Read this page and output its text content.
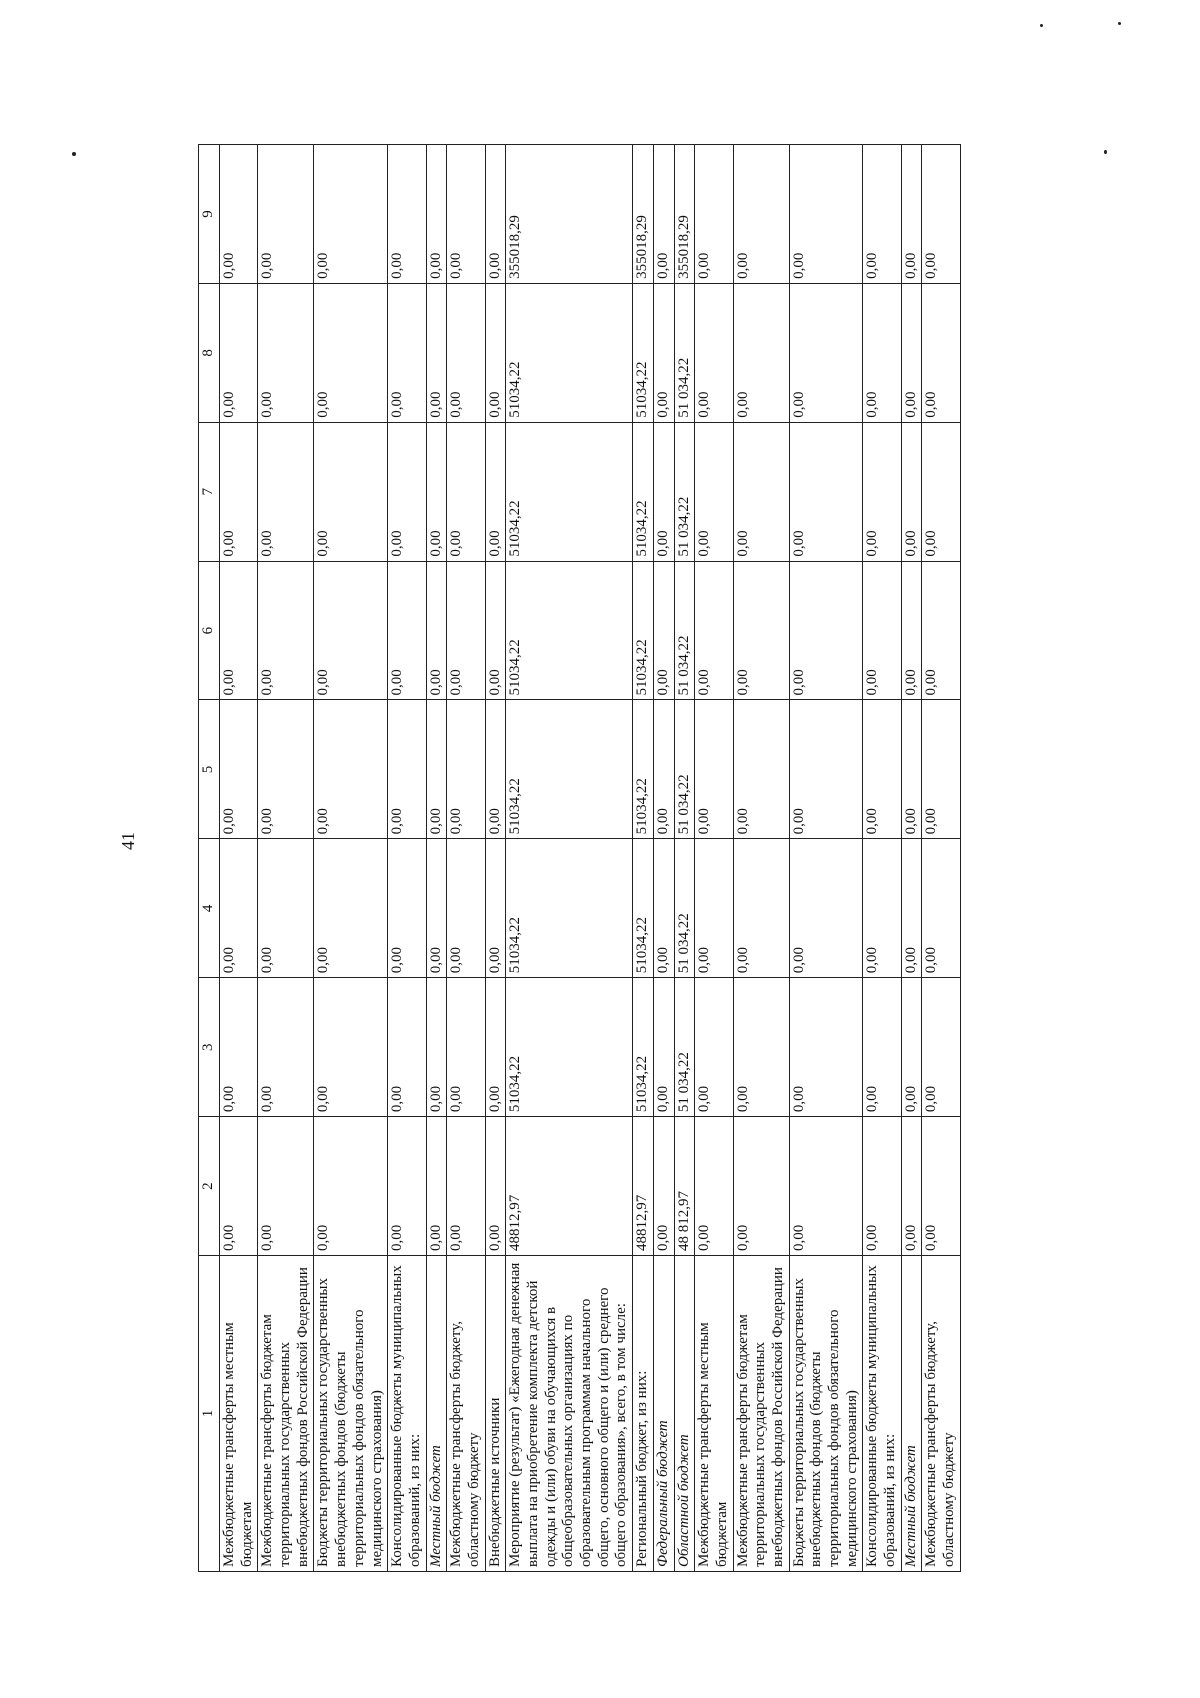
41
1	2	3	4	5	6	7	8	9
Межбюджетные трансферты местным бюджетам	0,00	0,00	0,00	0,00	0,00	0,00	0,00	0,00
Межбюджетные трансферты бюджетам территориальных государственных внебюджетных фондов Российской Федерации	0,00	0,00	0,00	0,00	0,00	0,00	0,00	0,00
Бюджеты территориальных государственных внебюджетных фондов (бюджеты территориальных фондов обязательного медицинского страхования)	0,00	0,00	0,00	0,00	0,00	0,00	0,00	0,00
Консолидированные бюджеты муниципальных образований, из них:	0,00	0,00	0,00	0,00	0,00	0,00	0,00	0,00
Местный бюджет	0,00	0,00	0,00	0,00	0,00	0,00	0,00	0,00
Межбюджетные трансферты бюджету, областному бюджету	0,00	0,00	0,00	0,00	0,00	0,00	0,00	0,00
Внебюджетные источники	0,00	0,00	0,00	0,00	0,00	0,00	0,00	0,00
Мероприятие (результат) «Ежегодная денежная выплата на приобретение комплекта детской одежды и (или) обуви на обучающихся в общеобразовательных организациях по образовательным программам начального общего, основного общего и (или) среднего общего образования», всего, в том числе:	48812,97	51034,22	51034,22	51034,22	51034,22	51034,22	51034,22	355018,29
Региональный бюджет, из них:	48812,97	51034,22	51034,22	51034,22	51034,22	51034,22	51034,22	355018,29
Федеральный бюджет	0,00	0,00	0,00	0,00	0,00	0,00	0,00	0,00
Областной бюджет	48 812,97	51 034,22	51 034,22	51 034,22	51 034,22	51 034,22	51 034,22	355018,29
Межбюджетные трансферты местным бюджетам	0,00	0,00	0,00	0,00	0,00	0,00	0,00	0,00
Межбюджетные трансферты бюджетам территориальных государственных внебюджетных фондов Российской Федерации	0,00	0,00	0,00	0,00	0,00	0,00	0,00	0,00
Бюджеты территориальных государственных внебюджетных фондов (бюджеты территориальных фондов обязательного медицинского страхования)	0,00	0,00	0,00	0,00	0,00	0,00	0,00	0,00
Консолидированные бюджеты муниципальных образований, из них:	0,00	0,00	0,00	0,00	0,00	0,00	0,00	0,00
Местный бюджет	0,00	0,00	0,00	0,00	0,00	0,00	0,00	0,00
Межбюджетные трансферты бюджету, областному бюджету	0,00	0,00	0,00	0,00	0,00	0,00	0,00	0,00
